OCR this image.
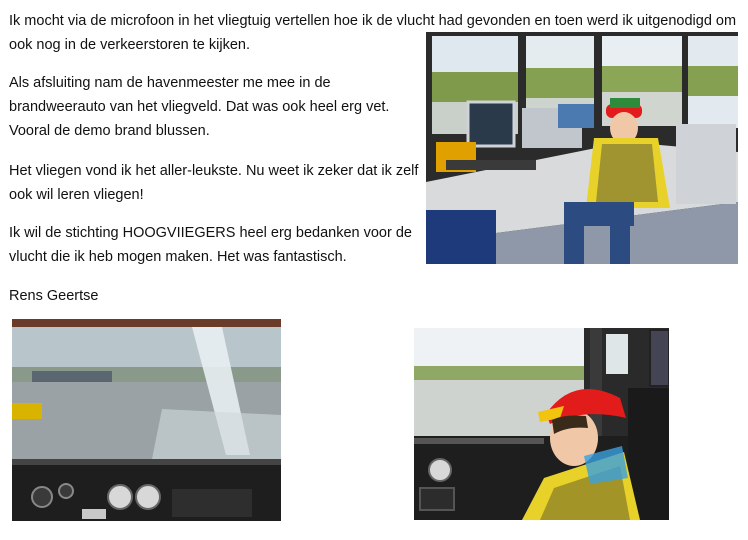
Ik mocht via de microfoon in het vliegtuig vertellen hoe ik de vlucht had gevonden en toen werd ik uitgenodigd om ook nog in de verkeerstoren te kijken.

Als afsluiting nam de havenmeester me mee in de brandweerauto van het vliegveld. Dat was ook heel erg vet. Vooral de demo brand blussen.

Het vliegen vond ik het aller-leukste. Nu weet ik zeker dat ik zelf ook wil leren vliegen!

Ik wil de stichting HOOGVIIEGERS heel erg bedanken voor de vlucht die ik heb mogen maken. Het was fantastisch.

Rens Geertse
